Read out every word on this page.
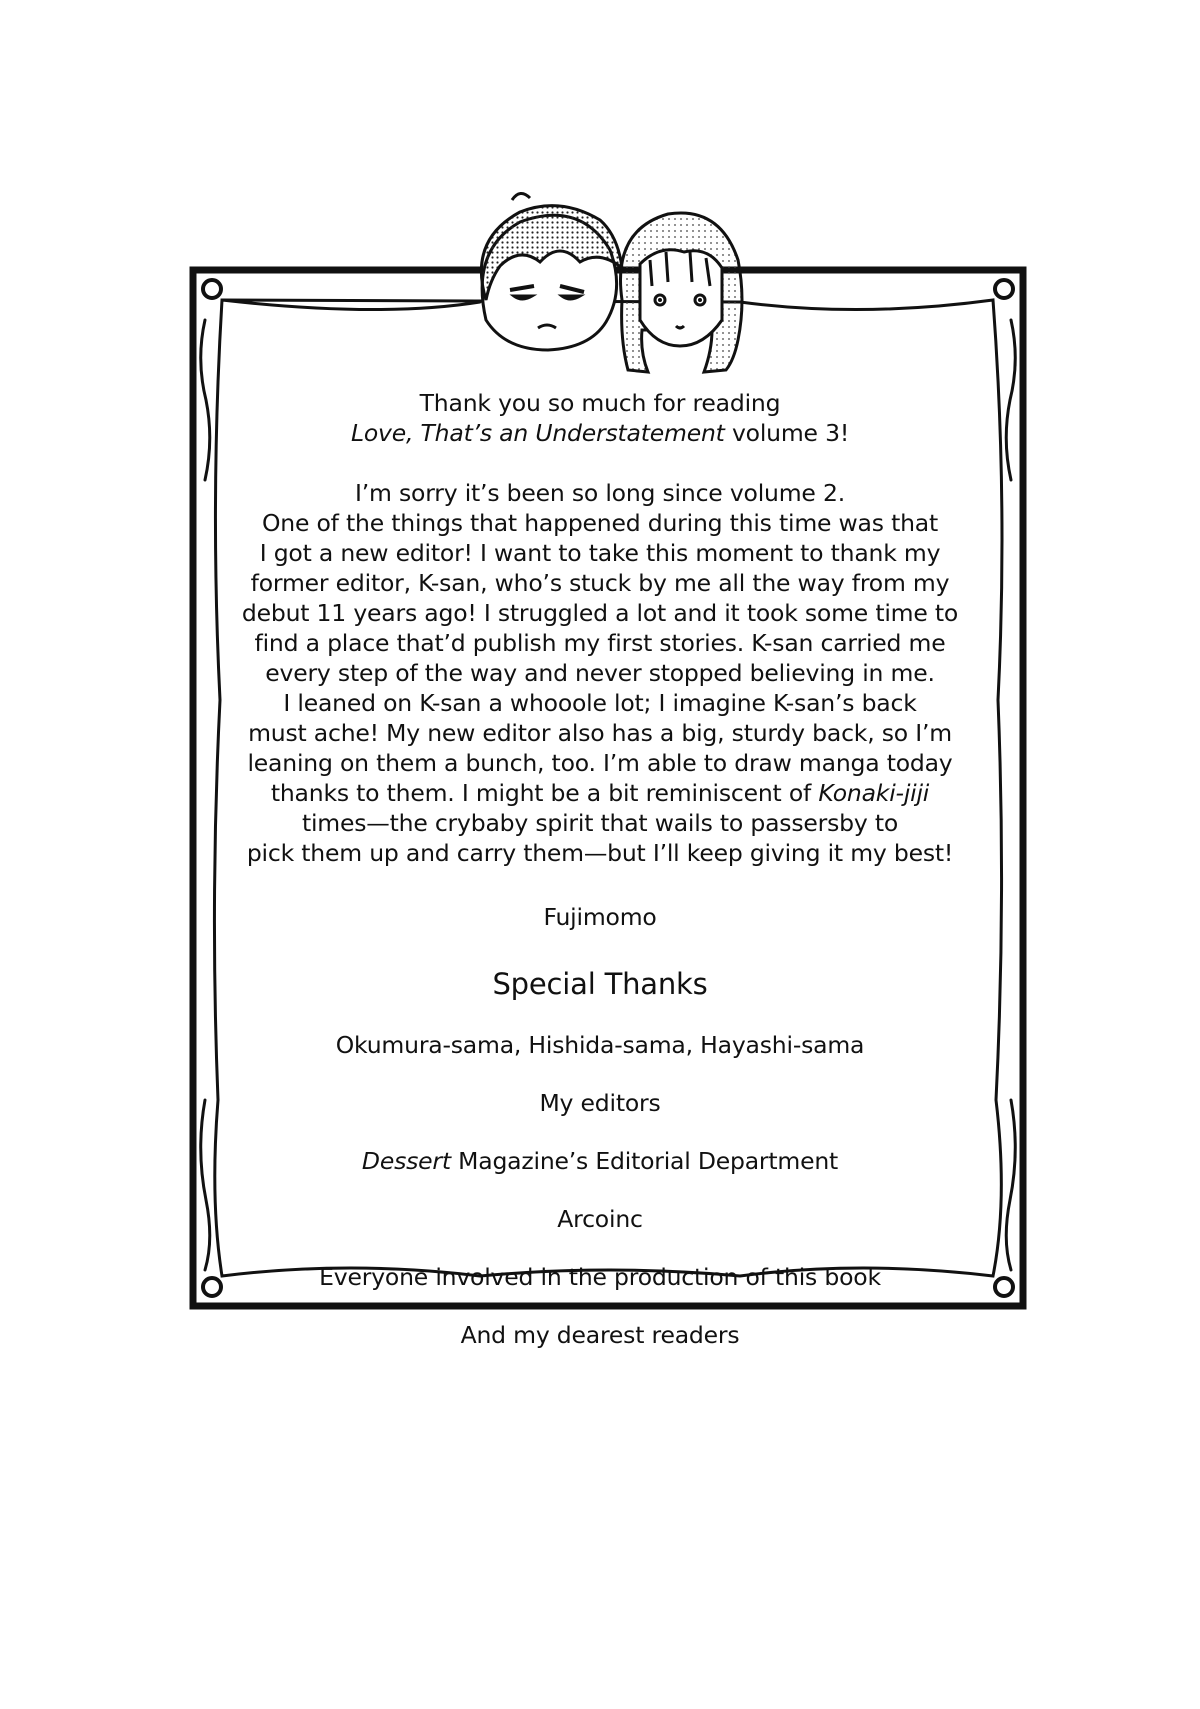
Thank you so much for reading
Love, That’s an Understatement volume 3!

I’m sorry it’s been so long since volume 2.
One of the things that happened during this time was that
I got a new editor! I want to take this moment to thank my
former editor, K-san, who’s stuck by me all the way from my
debut 11 years ago! I struggled a lot and it took some time to
find a place that’d publish my first stories. K-san carried me
every step of the way and never stopped believing in me.
I leaned on K-san a whooole lot; I imagine K-san’s back
must ache! My new editor also has a big, sturdy back, so I’m
leaning on them a bunch, too. I’m able to draw manga today
thanks to them. I might be a bit reminiscent of Konaki-jiji
times—the crybaby spirit that wails to passersby to
pick them up and carry them—but I’ll keep giving it my best!

Fujimomo

Special Thanks

Okumura-sama, Hishida-sama, Hayashi-sama

My editors

Dessert Magazine’s Editorial Department

Arcoinc

Everyone involved in the production of this book

And my dearest readers
